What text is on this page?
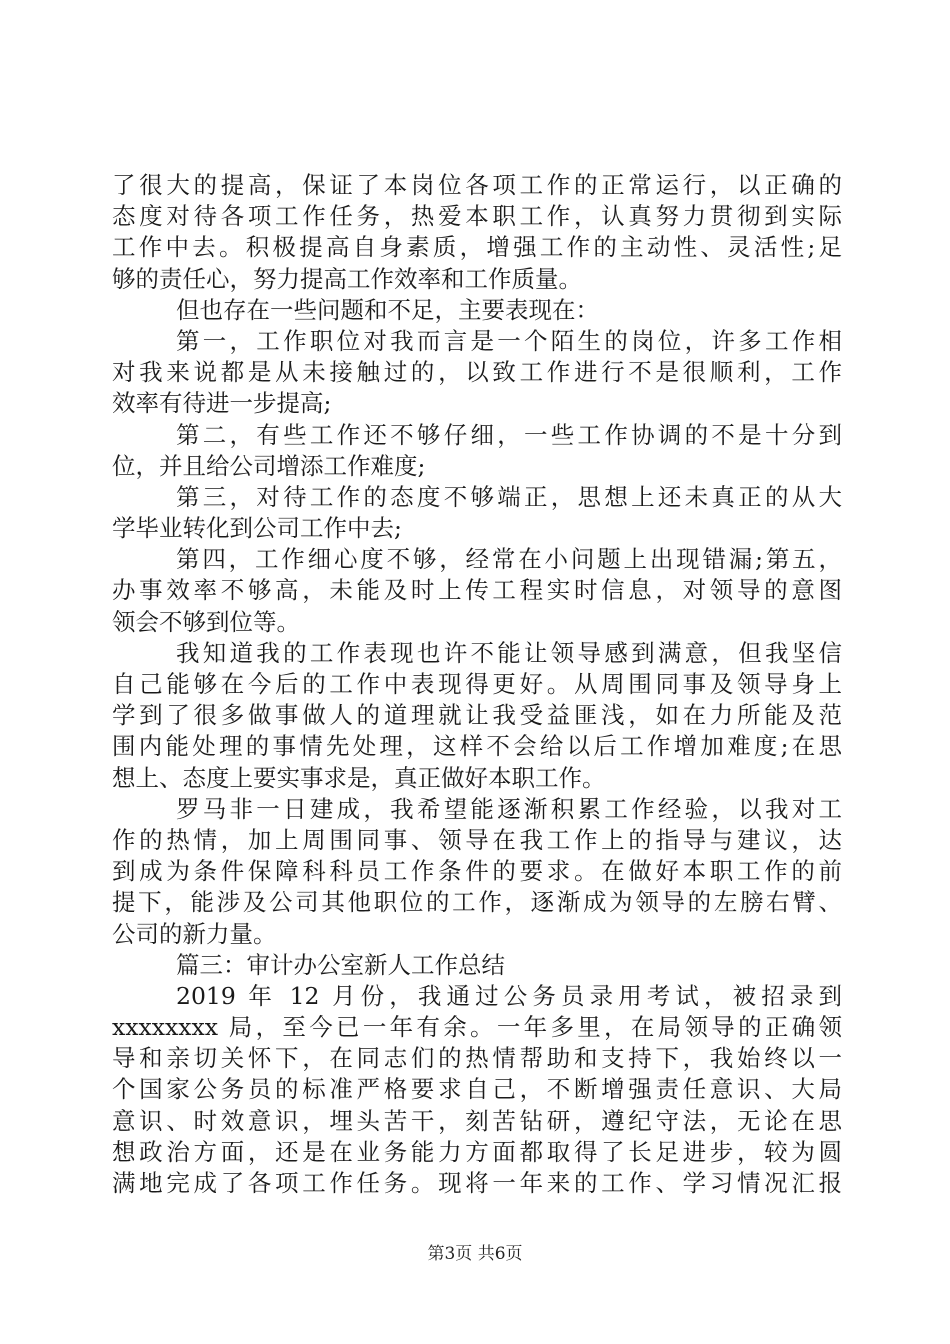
了很大的提高，保证了本岗位各项工作的正常运行，以正确的
态度对待各项工作任务，热爱本职工作，认真努力贯彻到实际
工作中去。积极提高自身素质，增强工作的主动性、灵活性;足
够的责任心，努力提高工作效率和工作质量。
但也存在一些问题和不足，主要表现在：
第一，工作职位对我而言是一个陌生的岗位，许多工作相
对我来说都是从未接触过的，以致工作进行不是很顺利，工作
效率有待进一步提高;
第二，有些工作还不够仔细，一些工作协调的不是十分到
位，并且给公司增添工作难度;
第三，对待工作的态度不够端正，思想上还未真正的从大
学毕业转化到公司工作中去;
第四，工作细心度不够，经常在小问题上出现错漏;第五，
办事效率不够高，未能及时上传工程实时信息，对领导的意图
领会不够到位等。
我知道我的工作表现也许不能让领导感到满意，但我坚信
自己能够在今后的工作中表现得更好。从周围同事及领导身上
学到了很多做事做人的道理就让我受益匪浅，如在力所能及范
围内能处理的事情先处理，这样不会给以后工作增加难度;在思
想上、态度上要实事求是，真正做好本职工作。
罗马非一日建成，我希望能逐渐积累工作经验，以我对工
作的热情，加上周围同事、领导在我工作上的指导与建议，达
到成为条件保障科科员工作条件的要求。在做好本职工作的前
提下，能涉及公司其他职位的工作，逐渐成为领导的左膀右臂、
公司的新力量。
篇三：审计办公室新人工作总结
2019 年 12 月份，我通过公务员录用考试，被招录到
xxxxxxxx 局，至今已一年有余。一年多里，在局领导的正确领
导和亲切关怀下，在同志们的热情帮助和支持下，我始终以一
个国家公务员的标准严格要求自己，不断增强责任意识、大局
意识、时效意识，埋头苦干，刻苦钻研，遵纪守法，无论在思
想政治方面，还是在业务能力方面都取得了长足进步，较为圆
满地完成了各项工作任务。现将一年来的工作、学习情况汇报
第3页 共6页
